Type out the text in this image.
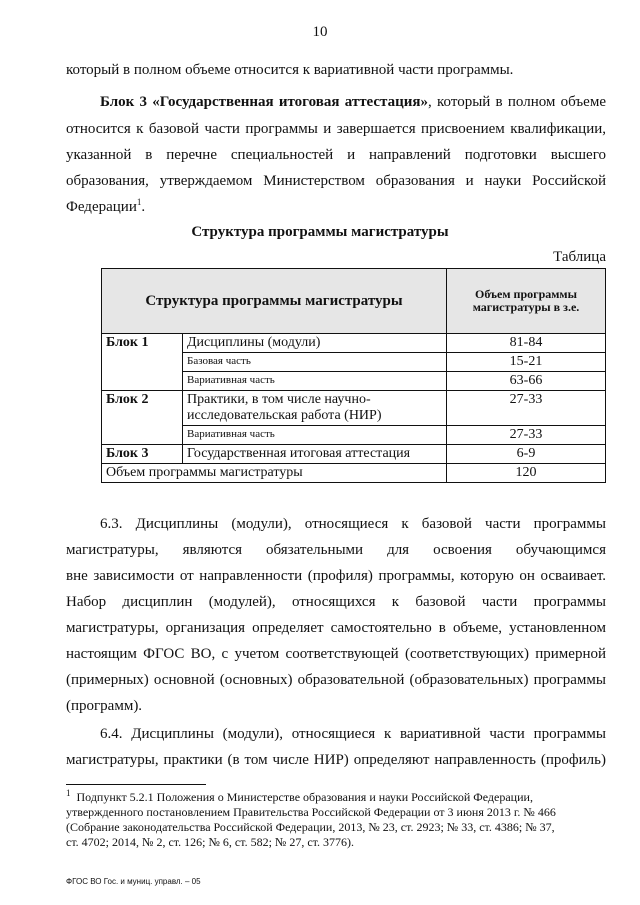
10
который в полном объеме относится к вариативной части программы.
Блок 3 «Государственная итоговая аттестация», который в полном объеме
относится к базовой части программы и завершается присвоением квалификации,
указанной в перечне специальностей и направлений подготовки высшего
образования, утверждаемом Министерством образования и науки Российской
Федерации$^1$.
Структура программы магистратуры
Таблица
Структура программы магистратуры		Объем программы магистратуры в з.е.
Блок 1	Дисциплины (модули)	81-84
	Базовая часть	15-21
	Вариативная часть	63-66
Блок 2	Практики, в том числе научно-исследовательская работа (НИР)	27-33
	Вариативная часть	27-33
Блок 3	Государственная итоговая аттестация	6-9
Объем программы магистратуры		120
6.3. Дисциплины (модули), относящиеся к базовой части программы
магистратуры, являются обязательными для освоения обучающимся
вне зависимости от направленности (профиля) программы, которую он осваивает.
Набор дисциплин (модулей), относящихся к базовой части программы
магистратуры, организация определяет самостоятельно в объеме, установленном
настоящим ФГОС ВО, с учетом соответствующей (соответствующих) примерной
(примерных) основной (основных) образовательной (образовательных) программы
(программ).
6.4. Дисциплины (модули), относящиеся к вариативной части программы
магистратуры, практики (в том числе НИР) определяют направленность (профиль)
$^1$ Подпункт 5.2.1 Положения о Министерстве образования и науки Российской Федерации,
утвержденного постановлением Правительства Российской Федерации от 3 июня 2013 г. № 466
(Собрание законодательства Российской Федерации, 2013, № 23, ст. 2923; № 33, ст. 4386; № 37,
ст. 4702; 2014, № 2, ст. 126; № 6, ст. 582; № 27, ст. 3776).
ФГОС ВО Гос. и муниц. управл. – 05
